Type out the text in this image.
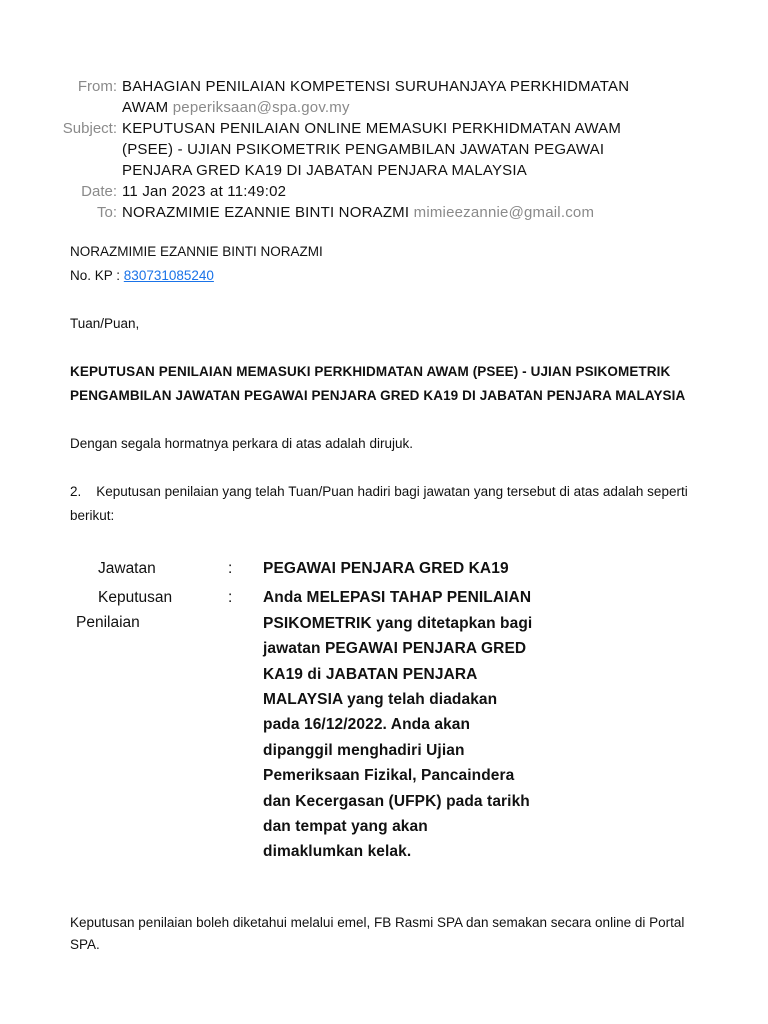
From: BAHAGIAN PENILAIAN KOMPETENSI SURUHANJAYA PERKHIDMATAN AWAM peperiksaan@spa.gov.my
Subject: KEPUTUSAN PENILAIAN ONLINE MEMASUKI PERKHIDMATAN AWAM (PSEE) - UJIAN PSIKOMETRIK PENGAMBILAN JAWATAN PEGAWAI PENJARA GRED KA19 DI JABATAN PENJARA MALAYSIA
Date: 11 Jan 2023 at 11:49:02
To: NORAZMIMIE EZANNIE BINTI NORAZMI mimieezannie@gmail.com

NORAZMIMIE EZANNIE BINTI NORAZMI

No. KP : 830731085240

Tuan/Puan,

KEPUTUSAN PENILAIAN MEMASUKI PERKHIDMATAN AWAM (PSEE) - UJIAN PSIKOMETRIK PENGAMBILAN JAWATAN PEGAWAI PENJARA GRED KA19 DI JABATAN PENJARA MALAYSIA

Dengan segala hormatnya perkara di atas adalah dirujuk.

2. Keputusan penilaian yang telah Tuan/Puan hadiri bagi jawatan yang tersebut di atas adalah seperti berikut:

Jawatan	:	PEGAWAI PENJARA GRED KA19
Keputusan
Penilaian
:	Anda MELEPASI TAHAP PENILAIAN
PSIKOMETRIK yang ditetapkan bagi
jawatan PEGAWAI PENJARA GRED
KA19 di JABATAN PENJARA
MALAYSIA yang telah diadakan
pada 16/12/2022. Anda akan
dipanggil menghadiri Ujian
Pemeriksaan Fizikal, Pancaindera
dan Kecergasan (UFPK) pada tarikh
dan tempat yang akan
dimaklumkan kelak.
Keputusan penilaian boleh diketahui melalui emel, FB Rasmi SPA dan semakan secara online di Portal SPA.
